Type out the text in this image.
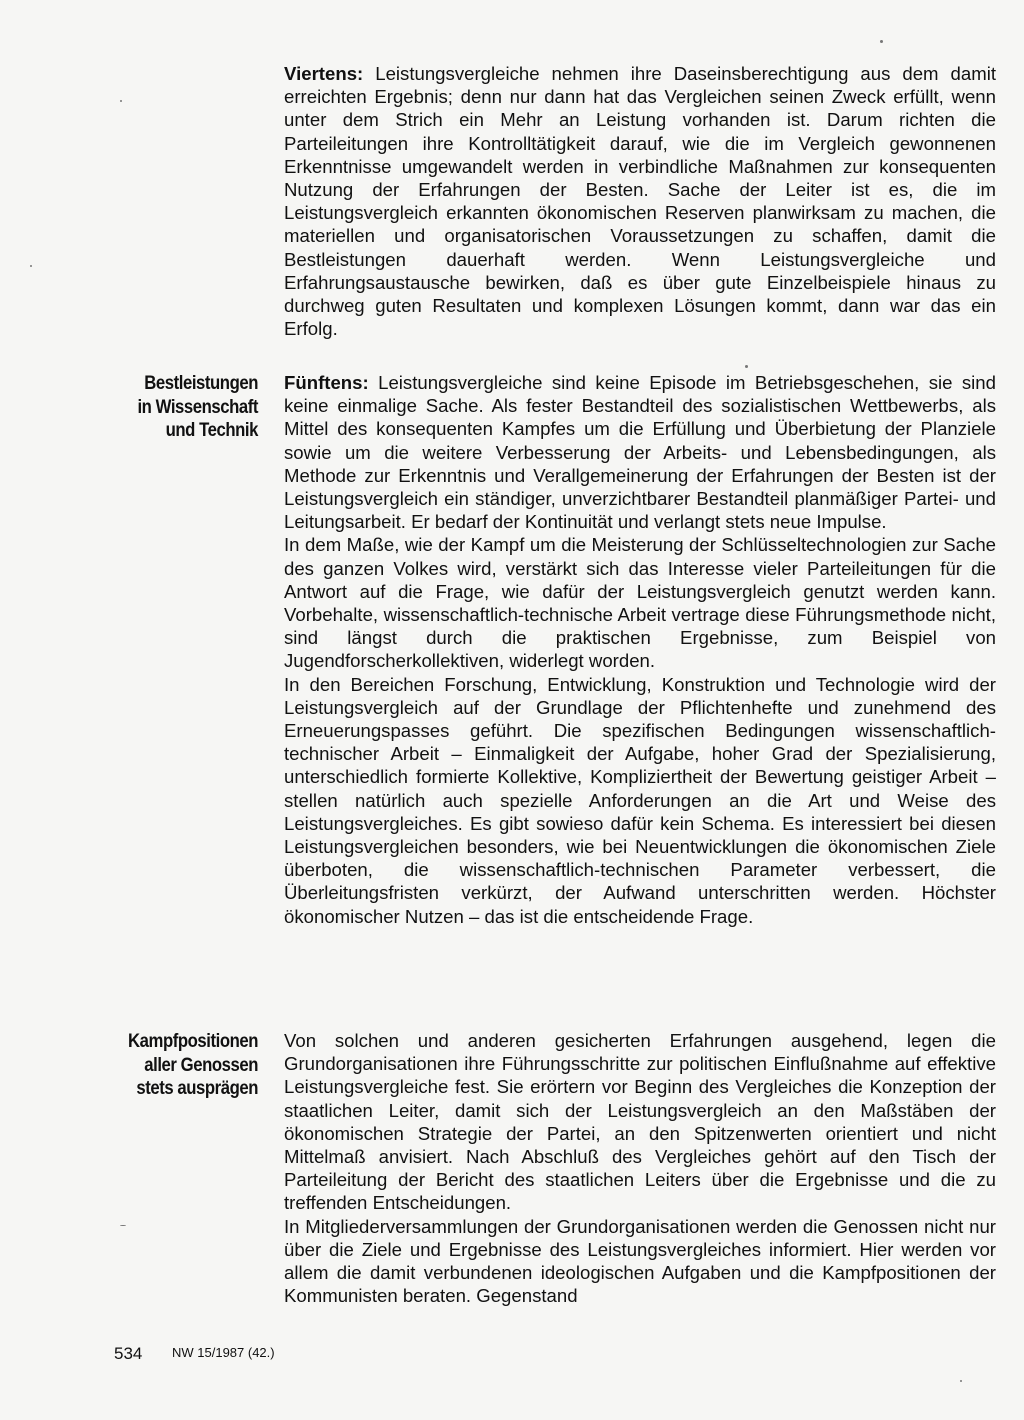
Viertens: Leistungsvergleiche nehmen ihre Daseinsberechtigung aus dem damit erreichten Ergebnis; denn nur dann hat das Vergleichen seinen Zweck erfüllt, wenn unter dem Strich ein Mehr an Leistung vorhanden ist. Darum richten die Parteileitungen ihre Kontrolltätigkeit darauf, wie die im Vergleich gewonnenen Erkenntnisse umgewandelt werden in verbindliche Maßnahmen zur konsequenten Nutzung der Erfahrungen der Besten. Sache der Leiter ist es, die im Leistungsvergleich erkannten ökonomischen Reserven planwirksam zu machen, die materiellen und organisatorischen Voraussetzungen zu schaffen, damit die Bestleistungen dauerhaft werden. Wenn Leistungsvergleiche und Erfahrungsaustausche bewirken, daß es über gute Einzelbeispiele hinaus zu durchweg guten Resultaten und komplexen Lösungen kommt, dann war das ein Erfolg.

Bestleistungen
in Wissenschaft
und Technik

Fünftens: Leistungsvergleiche sind keine Episode im Betriebsgeschehen, sie sind keine einmalige Sache. Als fester Bestandteil des sozialistischen Wettbewerbs, als Mittel des konsequenten Kampfes um die Erfüllung und Überbietung der Planziele sowie um die weitere Verbesserung der Arbeits- und Lebensbedingungen, als Methode zur Erkenntnis und Verallgemeinerung der Erfahrungen der Besten ist der Leistungsvergleich ein ständiger, unverzichtbarer Bestandteil planmäßiger Partei- und Leitungsarbeit. Er bedarf der Kontinuität und verlangt stets neue Impulse.

In dem Maße, wie der Kampf um die Meisterung der Schlüsseltechnologien zur Sache des ganzen Volkes wird, verstärkt sich das Interesse vieler Parteileitungen für die Antwort auf die Frage, wie dafür der Leistungsvergleich genutzt werden kann. Vorbehalte, wissenschaftlich-technische Arbeit vertrage diese Führungsmethode nicht, sind längst durch die praktischen Ergebnisse, zum Beispiel von Jugendforscherkollektiven, widerlegt worden.

In den Bereichen Forschung, Entwicklung, Konstruktion und Technologie wird der Leistungsvergleich auf der Grundlage der Pflichtenhefte und zunehmend des Erneuerungspasses geführt. Die spezifischen Bedingungen wissenschaftlich-technischer Arbeit – Einmaligkeit der Aufgabe, hoher Grad der Spezialisierung, unterschiedlich formierte Kollektive, Kompliziertheit der Bewertung geistiger Arbeit – stellen natürlich auch spezielle Anforderungen an die Art und Weise des Leistungsvergleiches. Es gibt sowieso dafür kein Schema. Es interessiert bei diesen Leistungsvergleichen besonders, wie bei Neuentwicklungen die ökonomischen Ziele überboten, die wissenschaftlich-technischen Parameter verbessert, die Überleitungsfristen verkürzt, der Aufwand unterschritten werden. Höchster ökonomischer Nutzen – das ist die entscheidende Frage.

Kampfpositionen
aller Genossen
stets ausprägen

Von solchen und anderen gesicherten Erfahrungen ausgehend, legen die Grundorganisationen ihre Führungsschritte zur politischen Einflußnahme auf effektive Leistungsvergleiche fest. Sie erörtern vor Beginn des Vergleiches die Konzeption der staatlichen Leiter, damit sich der Leistungsvergleich an den Maßstäben der ökonomischen Strategie der Partei, an den Spitzenwerten orientiert und nicht Mittelmaß anvisiert. Nach Abschluß des Vergleiches gehört auf den Tisch der Parteileitung der Bericht des staatlichen Leiters über die Ergebnisse und die zu treffenden Entscheidungen.

In Mitgliederversammlungen der Grundorganisationen werden die Genossen nicht nur über die Ziele und Ergebnisse des Leistungsvergleiches informiert. Hier werden vor allem die damit verbundenen ideologischen Aufgaben und die Kampfpositionen der Kommunisten beraten. Gegenstand

534 NW 15/1987 (42.)
